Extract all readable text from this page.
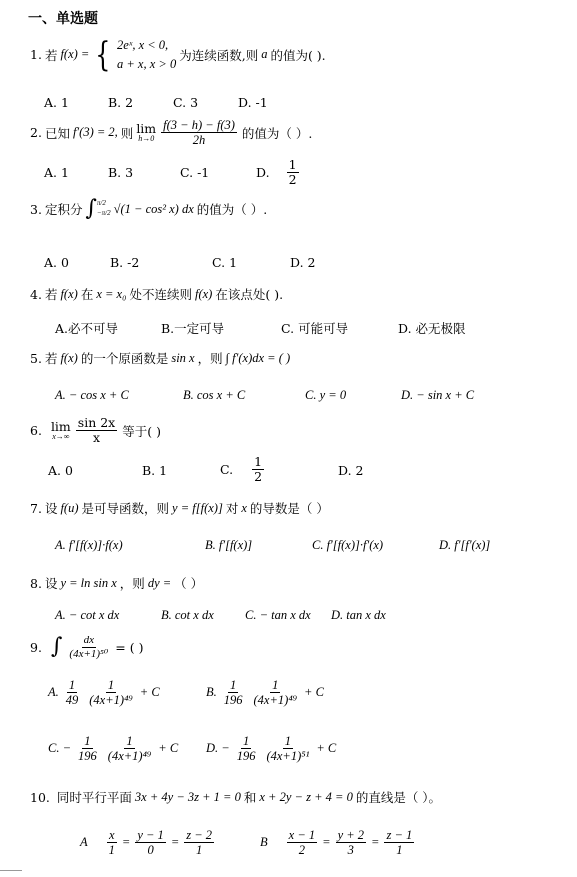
一、单选题
1. 若 f(x) = { 2eˣ, x < 0,
a + x, x > 0
为连续函数,则 a 的值为( ).
A. 1	B. 2	C. 3	D. -1
2. 已知 f′(3) = 2, 则 lim
$h\to 0 \frac{f(3 - h) - f(3)}{2h}$ 的值为（ ）.
A. 1	B. 3	C. -1	D. $\frac{1}{2}$
3. 定积分 ∫ π/2
−π/2 √(1 − cos² x) dx 的值为（ ）.
A. 0	B. -2	C. 1	D. 2
4. 若 f(x) 在 x = x₀ 处不连续则 f(x) 在该点处( ).
A.必不可导	B.一定可导	C. 可能可导	D. 必无极限
5. 若 f(x) 的一个原函数是 sin x ，则 ∫ f′(x)dx = ( )
A. − cos x + C	B. cos x + C	C. y = 0	D. − sin x + C
6. lim
$x\to\infty \frac{\sin 2x}{x}$ 等于( )
A. 0	B. 1	C. $\frac{1}{2}$	D. 2
7. 设 f(u) 是可导函数，则 y = f[f(x)] 对 x 的导数是（ ）
A. f′[f(x)]·f(x)	B. f′[f(x)]	C. f′[f(x)]·f′(x)	D. f′[f′(x)]
8. 设 y = ln sin x ，则 dy = （ ）
A. − cot x dx	B. cot x dx C. − tan x dx D. tan x dx
9. ∫ $\frac{dx}{\text{(4x+1)⁵⁰}}$ = ( )
A. $\frac{1}{49} \frac{1}{\text{(4x+1)⁴⁹}} + C$	B. $\frac{1}{196} \frac{1}{\text{(4x+1)⁴⁹}} + C$
C. − $\frac{1}{196} \frac{1}{\text{(4x+1)⁴⁹}} + C$ D. − $\frac{1}{196} \frac{1}{\text{(4x+1)⁵¹}} + C$
10. 同时平行平面 3x + 4y − 3z + 1 = 0 和 x + 2y − z + 4 = 0 的直线是（ ）。
A $\frac{x}{1} = \frac{y - 1}{0} = \frac{z - 2}{1}$	B $\frac{x - 1}{2} = \frac{y + 2}{3} = \frac{z - 1}{1}$
